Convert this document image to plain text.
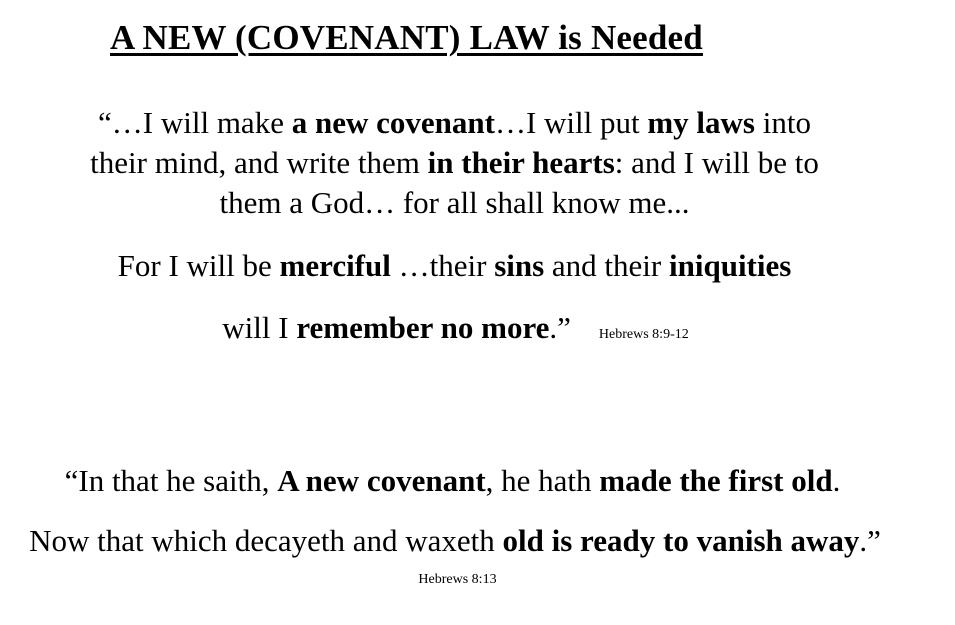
A NEW (COVENANT) LAW is Needed
“…I will make a new covenant…I will put my laws into
their mind, and write them in their hearts: and I will be to
them a God… for all shall know me...
For I will be merciful …their sins and their iniquities
will I remember no more.” Hebrews 8:9-12
“In that he saith, A new covenant, he hath made the first old.
Now that which decayeth and waxeth old is ready to vanish away.”
Hebrews 8:13
